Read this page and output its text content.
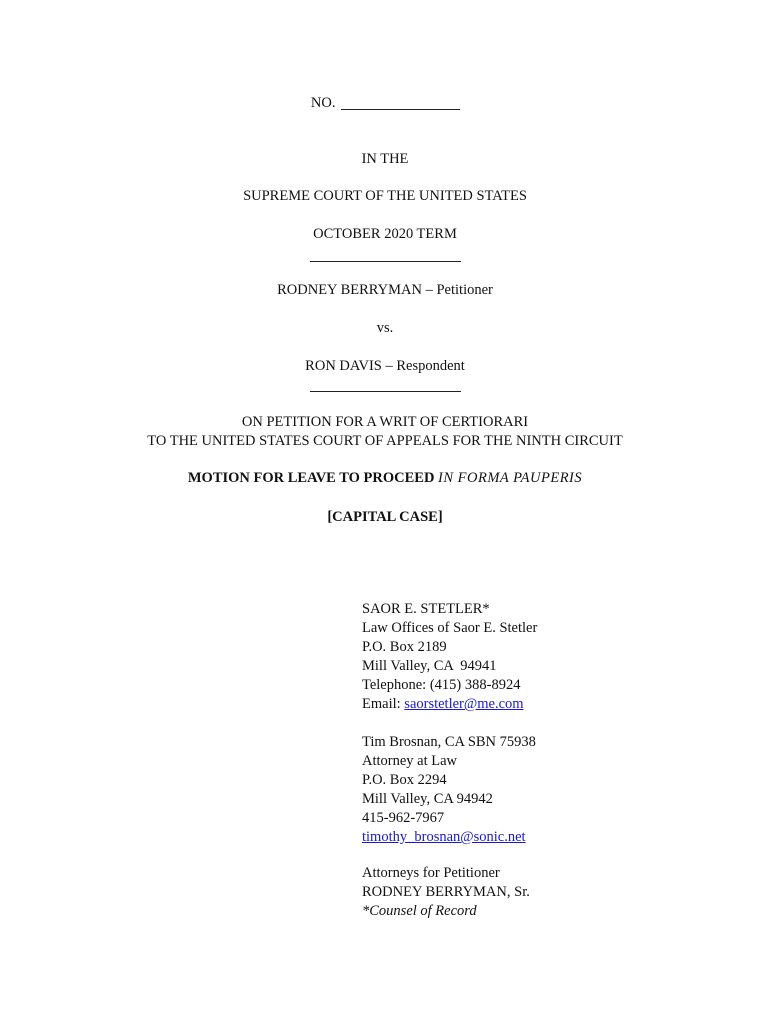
NO.
IN THE
SUPREME COURT OF THE UNITED STATES
OCTOBER 2020 TERM
RODNEY BERRYMAN – Petitioner
vs.
RON DAVIS – Respondent
ON PETITION FOR A WRIT OF CERTIORARI
TO THE UNITED STATES COURT OF APPEALS FOR THE NINTH CIRCUIT
MOTION FOR LEAVE TO PROCEED IN FORMA PAUPERIS
[CAPITAL CASE]
SAOR E. STETLER*
Law Offices of Saor E. Stetler
P.O. Box 2189
Mill Valley, CA  94941
Telephone: (415) 388-8924
Email: saorstetler@me.com
Tim Brosnan, CA SBN 75938
Attorney at Law
P.O. Box 2294
Mill Valley, CA 94942
415-962-7967
timothy_brosnan@sonic.net
Attorneys for Petitioner
RODNEY BERRYMAN, Sr.
*Counsel of Record
